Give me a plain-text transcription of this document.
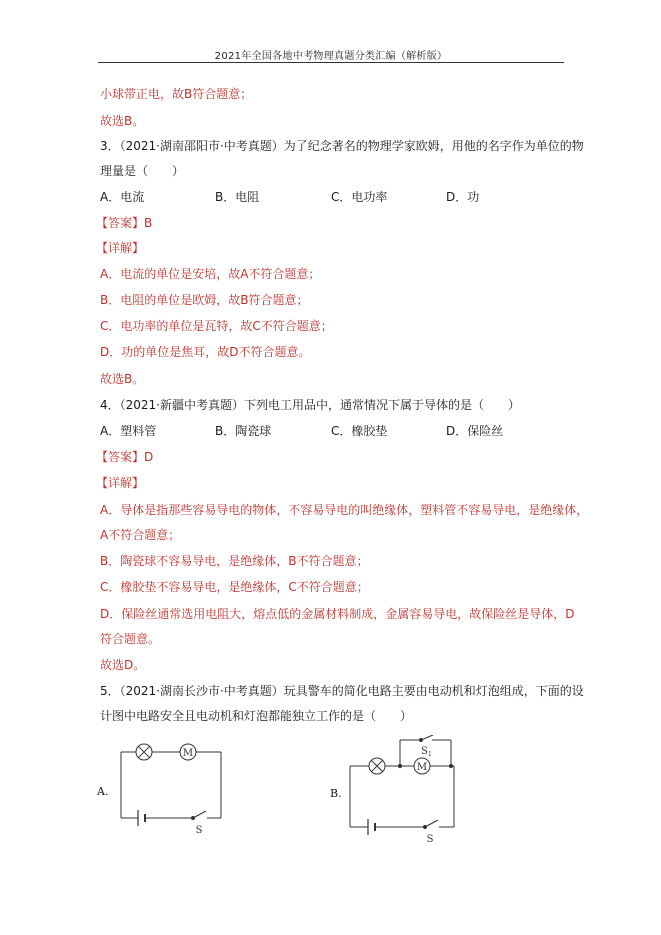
2021年全国各地中考物理真题分类汇编（解析版）
小球带正电，故B符合题意；
故选B。
3．（2021·湖南邵阳市·中考真题）为了纪念著名的物理学家欧姆，用他的名字作为单位的物
理量是（　　）
A．电流	B．电阻	C．电功率	D．功
【答案】B
【详解】
A．电流的单位是安培，故A不符合题意；
B．电阻的单位是欧姆，故B符合题意；
C．电功率的单位是瓦特，故C不符合题意；
D．功的单位是焦耳，故D不符合题意。
故选B。
4．（2021·新疆中考真题）下列电工用品中，通常情况下属于导体的是（　　）
A．塑料管	B．陶瓷球	C．橡胶垫	D．保险丝
【答案】D
【详解】
A．导体是指那些容易导电的物体，不容易导电的叫绝缘体，塑料管不容易导电，是绝缘体，
A不符合题意；
B．陶瓷球不容易导电，是绝缘体，B不符合题意；
C．橡胶垫不容易导电，是绝缘体，C不符合题意；
D．保险丝通常选用电阻大，熔点低的金属材料制成，金属容易导电，故保险丝是导体，D
符合题意。
故选D。
5．（2021·湖南长沙市·中考真题）玩具警车的简化电路主要由电动机和灯泡组成，下面的设
计图中电路安全且电动机和灯泡都能独立工作的是（　　）
M
S
A.
M
S 1
S
B.
